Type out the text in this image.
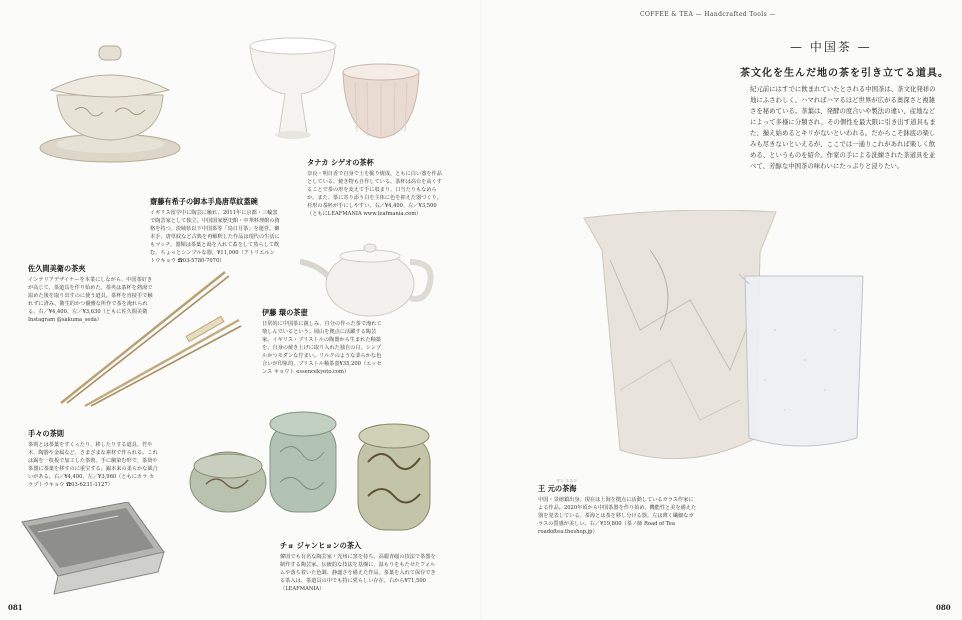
COFFEE & TEA — Handcrafted Tools —
— 中国茶 —
茶文化を生んだ地の茶を引き立てる道具。
紀元前にはすでに飲まれていたとされる中国茶は、茶文化発祥の地にふさわしく、ハマればハマるほど世界が広がる奥深さと複雑さを秘めている。茶葉は、発酵の度合いや製法の違い、産地などによって多様に分類され、その個性を最大限に引き出す道具もまた、撮え始めるとキリがないといわれる。だからこそ鉢底の楽しみも尽きないといえるが、ここでは一通りこれがあれば楽しく飲める、というものを紹介。作家の手による洗練された茶道具を並べて、芳醇な中国茶の味わいにたっぷりと浸りたい。
齋藤有希子の御本手鳥唐草紋蓋碗
イギリス留学中に陶芸に触れ、2011年に京都・三輪窯で陶芸家として独立。中国国家歴史館・中華料理館の資格を持つ。茨城県以下中国茶等「鳥日月茶」を運営。御本手、唐草紋など古典を再解釈した作品は現代の生活にもマッチ。器類は茶葉と湯を入れて蓋をして蒸らして飲む。ちょっとシンプルな器。¥11,000（アトリエルン トウキョウ ☎03-5780-7070）
タナカ シゲオの茶杯
奈良・明日香で自身で土を掘り焼成。ともに白い器を作品としている。焼き物も自作している。茶杯は高台を高くすることで茶の形を変えて手に収まり、口当たりもなめらか。また、茶に寄り添う白を主体に色を抑えた器づくり。杉形の茶杯が手にしやすい。右／¥4,400、左／¥3,500（ともにLEAFMANIA www.leafmania.com）
伊藤 環の茶壺
日常的に中国茶に親しみ、自分の作った茶で淹れて楽しんでいるという。岡山を拠点に活躍する陶芸家。イギリス・ブリストルの陶器から生まれた釉薬を、自身の焼き上げに取り入れた独自の白。シンプルかつモダンな佇まい。リルクのような柔らかな色合いが印象的。ブリストル釉茶壺¥35,200（エッセンス キョウト essencekyoto.com）
佐久間美衛の茶夾
インテリアデザイナーを本業にしながら、中国茶好きが高じて、茶道具を作り始めた。茶夾は茶杯を熱湯で温めた後を取り出すのに使う道具。茶杯を直接手で触れずに済み、衛生的かつ優雅な所作で茶を淹れられる。右／¥4,400、左／¥3,630（ともに佐久間美衛 Instagram @sakuma_seda）
手々の茶則
茶則とは茶葉をすくったり、移したりする道具。竹や木、陶器や金属など、さまざまな素材で作られる。これは錫を一枚板で加工した茶則。手に馴染む形で、茶筒や茶器に茶葉を移すのに重宝する。錫本来の柔らかな風合いがある。右／¥4,400、左／¥3,960（ともにカラ カラプトウキョウ ☎03-6231-1127）
チョ ジャンヒョンの茶入
韓国でも有名な陶芸家・光州に窯を持ち、高麗青磁の技法で茶器を制作する陶芸家。伝統的な技法を基盤に、温もりをもたせたフォルムや落ち着いた色調、静謐さを備えた作品。茶葉を入れて保存できる茶入は、茶道具の中でも特に愛らしい存在。右から¥71,500（LEAFMANIA）
ワン ユエン
王 元の茶海
中国・景徳鎮出身。現在は上海を拠点に活動しているガラス作家による作品。2020年頃から中国茶器を作り始め、機能性と美を備えた器を発表している。茶海とは茶を移し分ける器。左は薄く繊細なガラスの質感が美しい。右／¥19,800（茶ノ師 Road of Tea roadoftea.theshop.jp）
081	080
